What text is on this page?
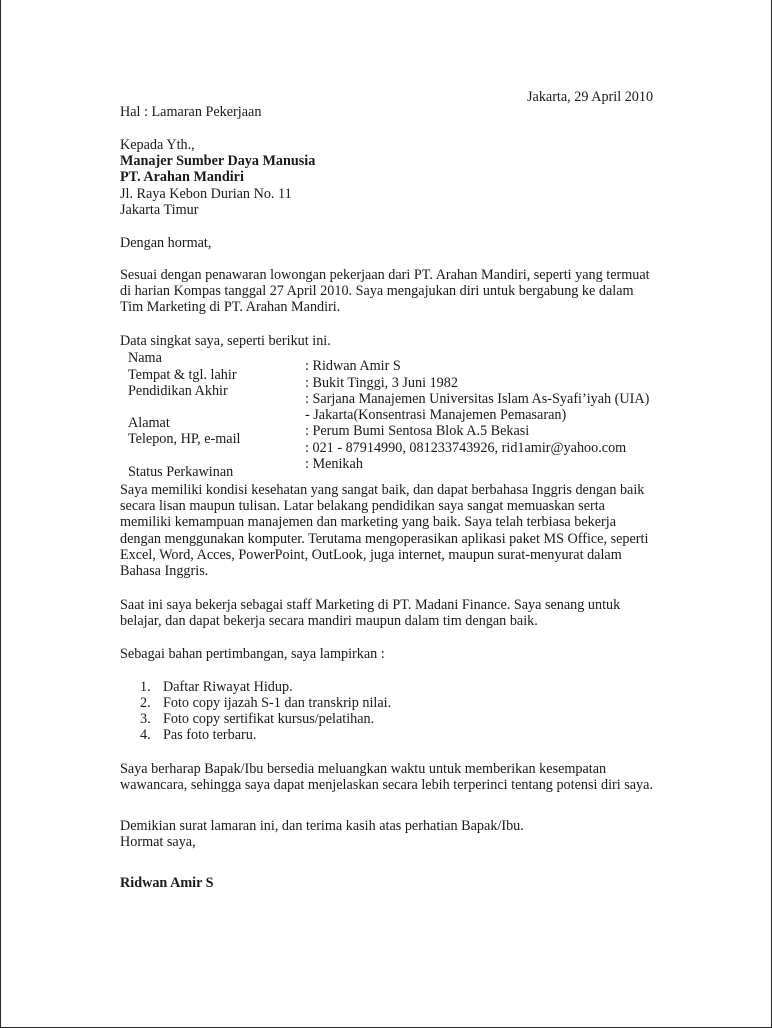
Jakarta, 29 April 2010

Hal : Lamaran Pekerjaan

Kepada Yth.,

Manajer Sumber Daya Manusia

PT. Arahan Mandiri

Jl. Raya Kebon Durian No. 11

Jakarta Timur

Dengan hormat,

Sesuai dengan penawaran lowongan pekerjaan dari PT. Arahan Mandiri, seperti yang termuat
di harian Kompas tanggal 27 April 2010. Saya mengajukan diri untuk bergabung ke dalam
Tim Marketing di PT. Arahan Mandiri.

Data singkat saya, seperti berikut ini.

Nama
Tempat & tgl. lahir
Pendidikan Akhir
Alamat
Telepon, HP, e-mail
Status Perkawinan
: Ridwan Amir S
: Bukit Tinggi, 3 Juni 1982
: Sarjana Manajemen Universitas Islam As-Syafi’iyah (UIA)
- Jakarta(Konsentrasi Manajemen Pemasaran)
: Perum Bumi Sentosa Blok A.5 Bekasi
: 021 - 87914990, 081233743926, rid1amir@yahoo.com
: Menikah
Saya memiliki kondisi kesehatan yang sangat baik, dan dapat berbahasa Inggris dengan baik
secara lisan maupun tulisan. Latar belakang pendidikan saya sangat memuaskan serta
memiliki kemampuan manajemen dan marketing yang baik. Saya telah terbiasa bekerja
dengan menggunakan komputer. Terutama mengoperasikan aplikasi paket MS Office, seperti
Excel, Word, Acces, PowerPoint, OutLook, juga internet, maupun surat-menyurat dalam
Bahasa Inggris.
Saat ini saya bekerja sebagai staff Marketing di PT. Madani Finance. Saya senang untuk
belajar, dan dapat bekerja secara mandiri maupun dalam tim dengan baik.

Sebagai bahan pertimbangan, saya lampirkan :

1. Daftar Riwayat Hidup.
2. Foto copy ijazah S-1 dan transkrip nilai.
3. Foto copy sertifikat kursus/pelatihan.
4. Pas foto terbaru.
Saya berharap Bapak/Ibu bersedia meluangkan waktu untuk memberikan kesempatan
wawancara, sehingga saya dapat menjelaskan secara lebih terperinci tentang potensi diri saya.
Demikian surat lamaran ini, dan terima kasih atas perhatian Bapak/Ibu.
Hormat saya,

Ridwan Amir S
